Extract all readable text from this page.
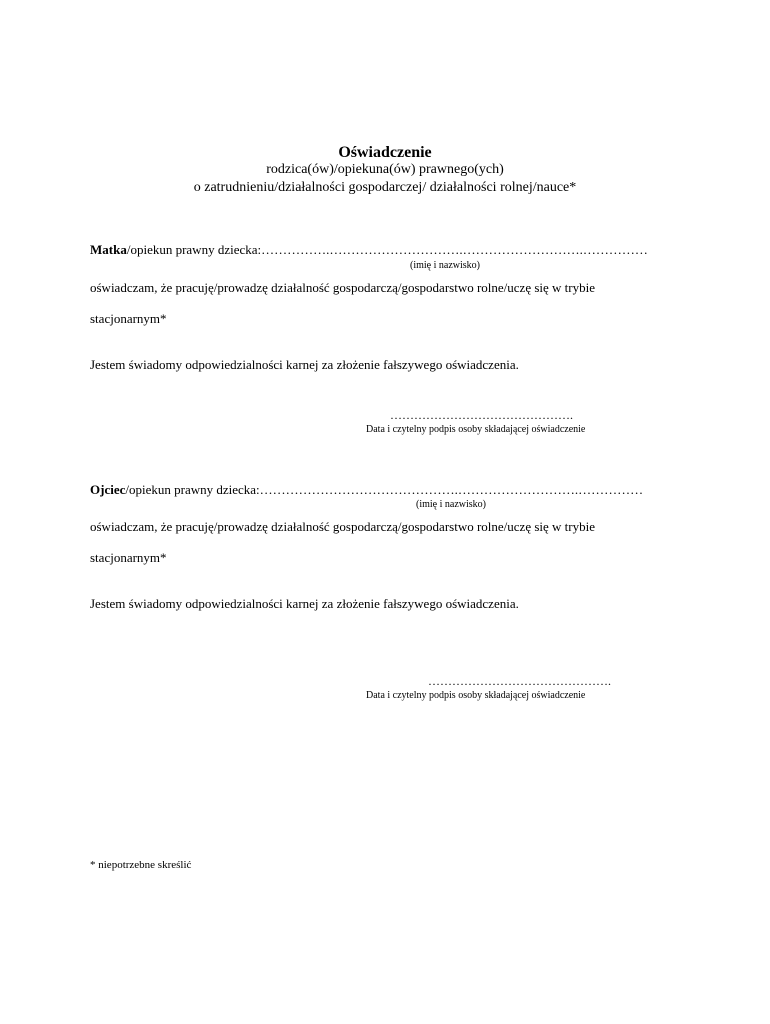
Oświadczenie
rodzica(ów)/opiekuna(ów) prawnego(ych)
o zatrudnieniu/działalności gospodarczej/ działalności rolnej/nauce*
Matka/opiekun prawny dziecka:…………….………………………….……………………….……………
(imię i nazwisko)
oświadczam, że pracuję/prowadzę działalność gospodarczą/gospodarstwo rolne/uczę się w trybie
stacjonarnym*
Jestem świadomy odpowiedzialności karnej za złożenie fałszywego oświadczenia.
……………………………………….
Data i czytelny podpis osoby składającej oświadczenie
Ojciec/opiekun prawny dziecka:……………………………………….……………………….……………
(imię i nazwisko)
oświadczam, że pracuję/prowadzę działalność gospodarczą/gospodarstwo rolne/uczę się w trybie
stacjonarnym*
Jestem świadomy odpowiedzialności karnej za złożenie fałszywego oświadczenia.
……………………………………….
Data i czytelny podpis osoby składającej oświadczenie
* niepotrzebne skreślić
